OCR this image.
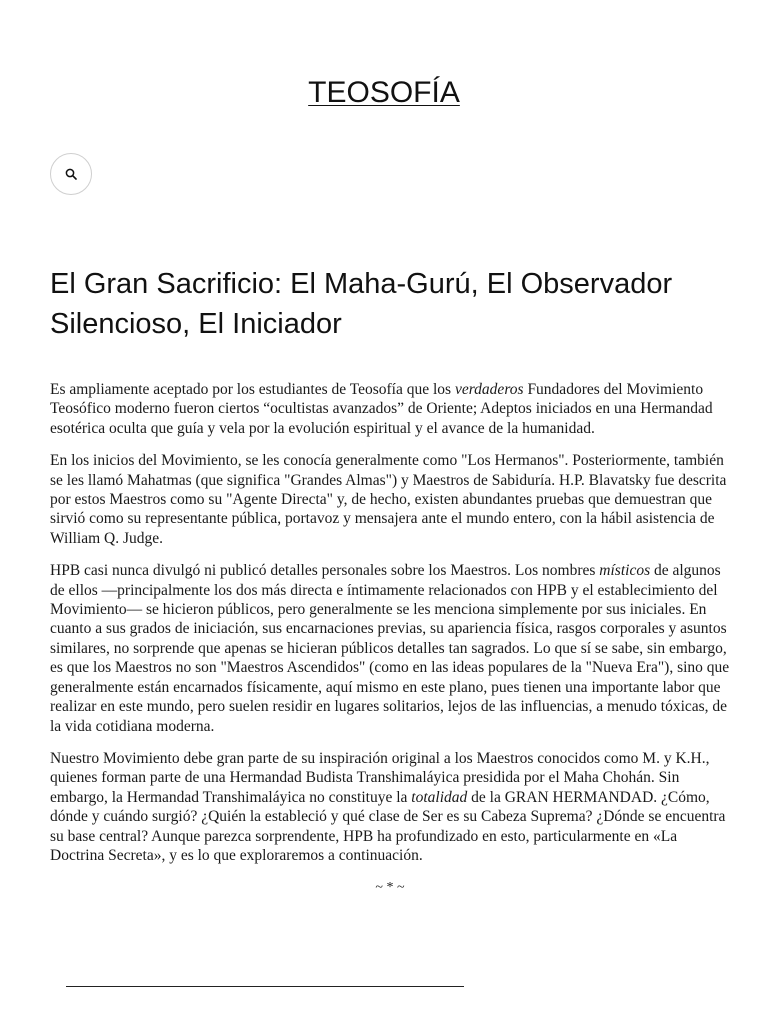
TEOSOFÍA
El Gran Sacrificio: El Maha-Gurú, El Observador Silencioso, El Iniciador

Es ampliamente aceptado por los estudiantes de Teosofía que los verdaderos Fundadores del Movimiento Teosófico moderno fueron ciertos “ocultistas avanzados” de Oriente; Adeptos iniciados en una Hermandad esotérica oculta que guía y vela por la evolución espiritual y el avance de la humanidad.

En los inicios del Movimiento, se les conocía generalmente como "Los Hermanos". Posteriormente, también se les llamó Mahatmas (que significa "Grandes Almas") y Maestros de Sabiduría. H.P. Blavatsky fue descrita por estos Maestros como su "Agente Directa" y, de hecho, existen abundantes pruebas que demuestran que sirvió como su representante pública, portavoz y mensajera ante el mundo entero, con la hábil asistencia de William Q. Judge.

HPB casi nunca divulgó ni publicó detalles personales sobre los Maestros. Los nombres místicos de algunos de ellos —principalmente los dos más directa e íntimamente relacionados con HPB y el establecimiento del Movimiento— se hicieron públicos, pero generalmente se les menciona simplemente por sus iniciales. En cuanto a sus grados de iniciación, sus encarnaciones previas, su apariencia física, rasgos corporales y asuntos similares, no sorprende que apenas se hicieran públicos detalles tan sagrados. Lo que sí se sabe, sin embargo, es que los Maestros no son "Maestros Ascendidos" (como en las ideas populares de la "Nueva Era"), sino que generalmente están encarnados físicamente, aquí mismo en este plano, pues tienen una importante labor que realizar en este mundo, pero suelen residir en lugares solitarios, lejos de las influencias, a menudo tóxicas, de la vida cotidiana moderna.

Nuestro Movimiento debe gran parte de su inspiración original a los Maestros conocidos como M. y K.H., quienes forman parte de una Hermandad Budista Transhimaláyica presidida por el Maha Chohán. Sin embargo, la Hermandad Transhimaláyica no constituye la totalidad de la GRAN HERMANDAD. ¿Cómo, dónde y cuándo surgió? ¿Quién la estableció y qué clase de Ser es su Cabeza Suprema? ¿Dónde se encuentra su base central? Aunque parezca sorprendente, HPB ha profundizado en esto, particularmente en «La Doctrina Secreta», y es lo que exploraremos a continuación.

~ * ~
